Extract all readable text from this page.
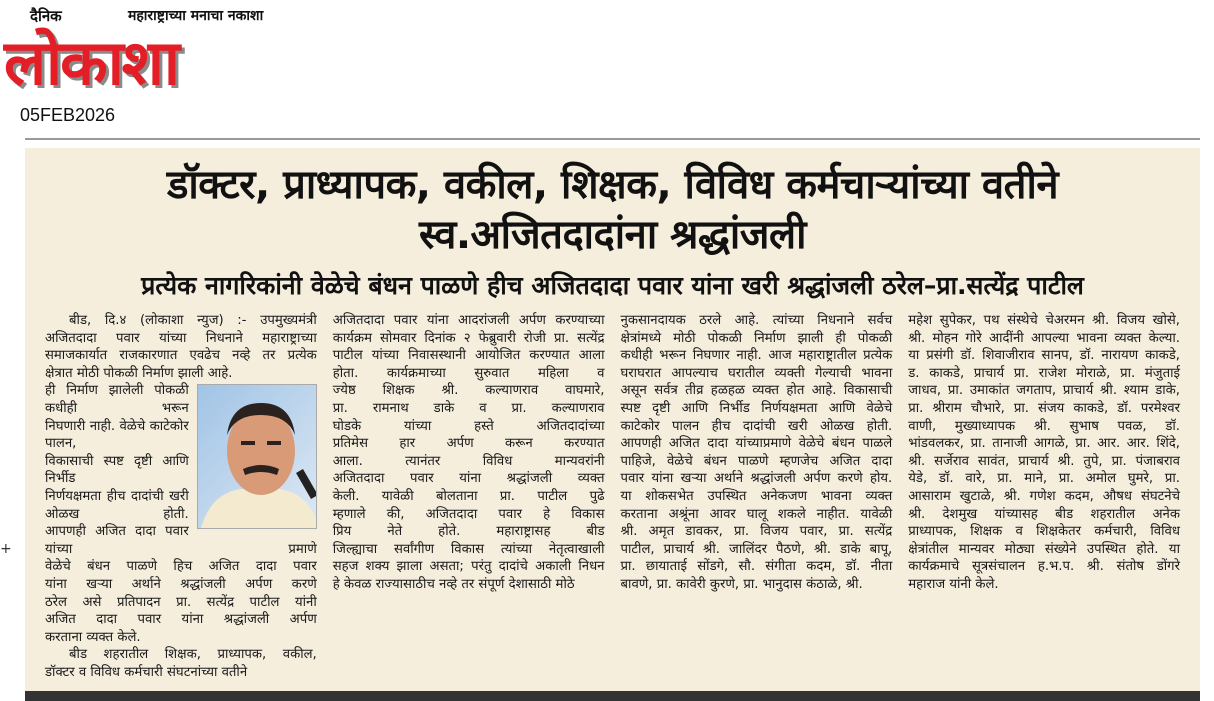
लोकाशा
दैनिक	महाराष्ट्राच्या मनाचा नकाशा
05FEB2026
+
डॉक्टर, प्राध्यापक, वकील, शिक्षक, विविध कर्मचाऱ्यांच्या वतीने स्व.अजितदादांना श्रद्धांजली
प्रत्येक नागरिकांनी वेळेचे बंधन पाळणे हीच अजितदादा पवार यांना खरी श्रद्धांजली ठरेल–प्रा.सत्येंद्र पाटील
बीड, दि.४ (लोकाशा न्युज) :- उपमुख्यमंत्री
अजितदादा पवार यांच्या निधनाने महाराष्ट्राच्या
समाजकार्यात राजकारणात एवढेच नव्हे तर प्रत्येक
क्षेत्रात मोठी पोकळी निर्माण झाली आहे.
ही निर्माण झालेली पोकळी कधीही भरून
निघणारी नाही. वेळेचे काटेकोर पालन,
विकासाची स्पष्ट दृष्टी आणि निर्भीड
निर्णयक्षमता हीच दादांची खरी ओळख होती.
आपणही अजित दादा पवार यांच्या प्रमाणे
वेळेचे बंधन पाळणे हिच अजित दादा पवार
यांना खऱ्या अर्थाने श्रद्धांजली अर्पण करणे
ठरेल असे प्रतिपादन प्रा. सत्येंद्र पाटील यांनी
अजित दादा पवार यांना श्रद्धांजली अर्पण
करताना व्यक्त केले.
बीड शहरातील शिक्षक, प्राध्यापक, वकील,
डॉक्टर व विविध कर्मचारी संघटनांच्या वतीने
अजितदादा पवार यांना आदरांजली अर्पण करण्याच्या
कार्यक्रम सोमवार दिनांक २ फेब्रुवारी रोजी प्रा. सत्येंद्र
पाटील यांच्या निवासस्थानी आयोजित करण्यात आला
होता. कार्यक्रमाच्या सुरुवात महिला व
ज्येष्ठ शिक्षक श्री. कल्याणराव वाघमारे,
प्रा. रामनाथ डाके व प्रा. कल्याणराव
घोडके यांच्या हस्ते अजितदादांच्या
प्रतिमेस हार अर्पण करून करण्यात
आला. त्यानंतर विविध मान्यवरांनी
अजितदादा पवार यांना श्रद्धांजली व्यक्त
केली. यावेळी बोलताना प्रा. पाटील पुढे
म्हणाले की, अजितदादा पवार हे विकास
प्रिय नेते होते. महाराष्ट्रासह बीड
जिल्ह्याचा सर्वांगीण विकास त्यांच्या नेतृत्वाखाली
सहज शक्य झाला असता; परंतु दादांचे अकाली निधन
हे केवळ राज्यासाठीच नव्हे तर संपूर्ण देशासाठी मोठे
नुकसानदायक ठरले आहे. त्यांच्या निधनाने सर्वच
क्षेत्रांमध्ये मोठी पोकळी निर्माण झाली ही पोकळी
कधीही भरून निघणार नाही. आज महाराष्ट्रातील प्रत्येक
घराघरात आपल्याच घरातील व्यक्ती गेल्याची भावना
असून सर्वत्र तीव्र हळहळ व्यक्त होत आहे. विकासाची
स्पष्ट दृष्टी आणि निर्भीड निर्णयक्षमता आणि वेळेचे
काटेकोर पालन हीच दादांची खरी ओळख होती.
आपणही अजित दादा यांच्याप्रमाणे वेळेचे बंधन पाळले
पाहिजे, वेळेचे बंधन पाळणे म्हणजेच अजित दादा
पवार यांना खऱ्या अर्थाने श्रद्धांजली अर्पण करणे होय.
या शोकसभेत उपस्थित अनेकजण भावना व्यक्त
करताना अश्रूंना आवर घालू शकले नाहीत. यावेळी
श्री. अमृत डावकर, प्रा. विजय पवार, प्रा. सत्येंद्र
पाटील, प्राचार्य श्री. जालिंदर पैठणे, श्री. डाके बापू,
प्रा. छायाताई सोंडगे, सौ. संगीता कदम, डॉ. नीता
बावणे, प्रा. कावेरी कुरणे, प्रा. भानुदास कंठाळे, श्री.
महेश सुपेकर, पथ संस्थेचे चेअरमन श्री. विजय खोसे,
श्री. मोहन गोरे आदींनी आपल्या भावना व्यक्त केल्या.
या प्रसंगी डॉ. शिवाजीराव सानप, डॉ. नारायण काकडे,
ड. काकडे, प्राचार्य प्रा. राजेश मोराळे, प्रा. मंजुताई
जाधव, प्रा. उमाकांत जगताप, प्राचार्य श्री. श्याम डाके,
प्रा. श्रीराम चौभारे, प्रा. संजय काकडे, डॉ. परमेश्वर
वाणी, मुख्याध्यापक श्री. सुभाष पवळ, डॉ.
भांडवलकर, प्रा. तानाजी आगळे, प्रा. आर. आर. शिंदे,
श्री. सर्जेराव सावंत, प्राचार्य श्री. तुपे, प्रा. पंजाबराव
येडे, डॉ. वारे, प्रा. माने, प्रा. अमोल घुमरे, प्रा.
आसाराम खुटाळे, श्री. गणेश कदम, औषध संघटनेचे
श्री. देशमुख यांच्यासह बीड शहरातील अनेक
प्राध्यापक, शिक्षक व शिक्षकेतर कर्मचारी, विविध
क्षेत्रांतील मान्यवर मोठ्या संख्येने उपस्थित होते. या
कार्यक्रमाचे सूत्रसंचालन ह.भ.प. श्री. संतोष डोंगरे
महाराज यांनी केले.
